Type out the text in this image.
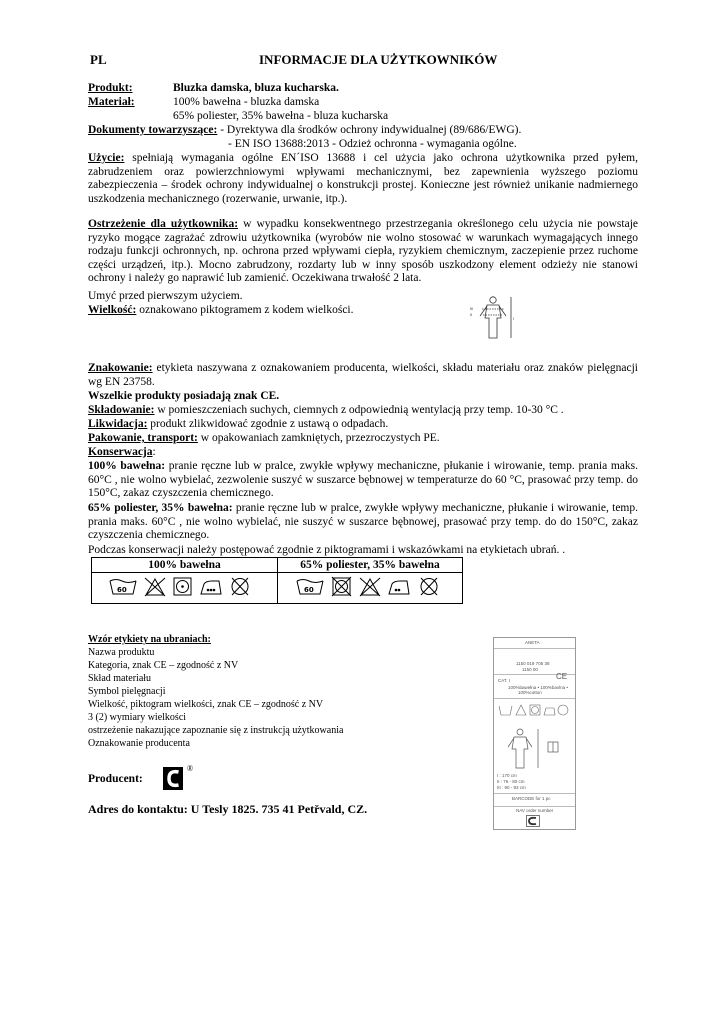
PL	INFORMACJE DLA UŻYTKOWNIKÓW
Produkt:	Bluzka damska, bluza kucharska.
Materiał:	100% bawełna - bluzka damska
65% poliester, 35% bawełna - bluza kucharska
Dokumenty towarzyszące: - Dyrektywa dla środków ochrony indywidualnej (89/686/EWG).
- EN ISO 13688:2013 - Odzież ochronna - wymagania ogólne.
Użycie: spełniają wymagania ogólne EN´ISO 13688 i cel użycia jako ochrona użytkownika przed pyłem, zabrudzeniem oraz powierzchniowymi wpływami mechanicznymi, bez zapewnienia wyższego poziomu zabezpieczenia – środek ochrony indywidualnej o konstrukcji prostej. Konieczne jest również unikanie nadmiernego uszkodzenia mechanicznego (rozerwanie, urwanie, itp.).
Ostrzeżenie dla użytkownika: w wypadku konsekwentnego przestrzegania określonego celu użycia nie powstaje ryzyko mogące zagrażać zdrowiu użytkownika (wyrobów nie wolno stosować w warunkach wymagających innego rodzaju funkcji ochronnych, np. ochrona przed wpływami ciepła, ryzykiem chemicznym, zaczepienie przez ruchome części urządzeń, itp.). Mocno zabrudzony, rozdarty lub w inny sposób uszkodzony element odzieży nie stanowi ochrony i należy go naprawić lub zamienić. Oczekiwana trwałość 2 lata.
Umyć przed pierwszym użyciem.
Wielkość: oznakowano piktogramem z kodem wielkości.	III
II
I
Znakowanie: etykieta naszywana z oznakowaniem producenta, wielkości, składu materiału oraz znaków pielęgnacji wg EN 23758.
Wszelkie produkty posiadają znak CE.
Składowanie: w pomieszczeniach suchych, ciemnych z odpowiednią wentylacją przy temp. 10-30 °C .
Likwidacja: produkt zlikwidować zgodnie z ustawą o odpadach.
Pakowanie, transport: w opakowaniach zamkniętych, przezroczystych PE.
Konserwacja:
100% bawełna: pranie ręczne lub w pralce, zwykłe wpływy mechaniczne, płukanie i wirowanie, temp. prania maks. 60°C , nie wolno wybielać, zezwolenie suszyć w suszarce bębnowej w temperaturze do 60 °C, prasować przy temp. do 150°C, zakaz czyszczenia chemicznego.
65% poliester, 35% bawełna: pranie ręczne lub w pralce, zwykłe wpływy mechaniczne, płukanie i wirowanie, temp. prania maks. 60°C , nie wolno wybielać, nie suszyć w suszarce bębnowej, prasować przy temp. do do 150°C, zakaz czyszczenia chemicznego.
Podczas konserwacji należy postępować zgodnie z piktogramami i wskazówkami na etykietach ubrań. .
100% bawełna	65% poliester, 35% bawełna

60	60
Wzór etykiety na ubraniach:
Nazwa produktu
Kategoria, znak CE – zgodność z NV
Skład materiału
Symbol pielęgnacji
Wielkość, piktogram wielkości, znak CE – zgodność z NV
3 (2) wymiary wielkości
ostrzeżenie nakazujące zapoznanie się z instrukcją użytkowania
Oznakowanie producenta
ANETA
1150 019 705 38
1150 00
CAT. I	CE
100%bawełna • 100%bavlna •
100%cotton
I : 170 cm
II : 76 - 80 cm
III : 90 - 93 cm
BARCODE for 1 pc
NAV order number
Producent:
®
Adres do kontaktu: U Tesly 1825. 735 41 Petřvald, CZ.
